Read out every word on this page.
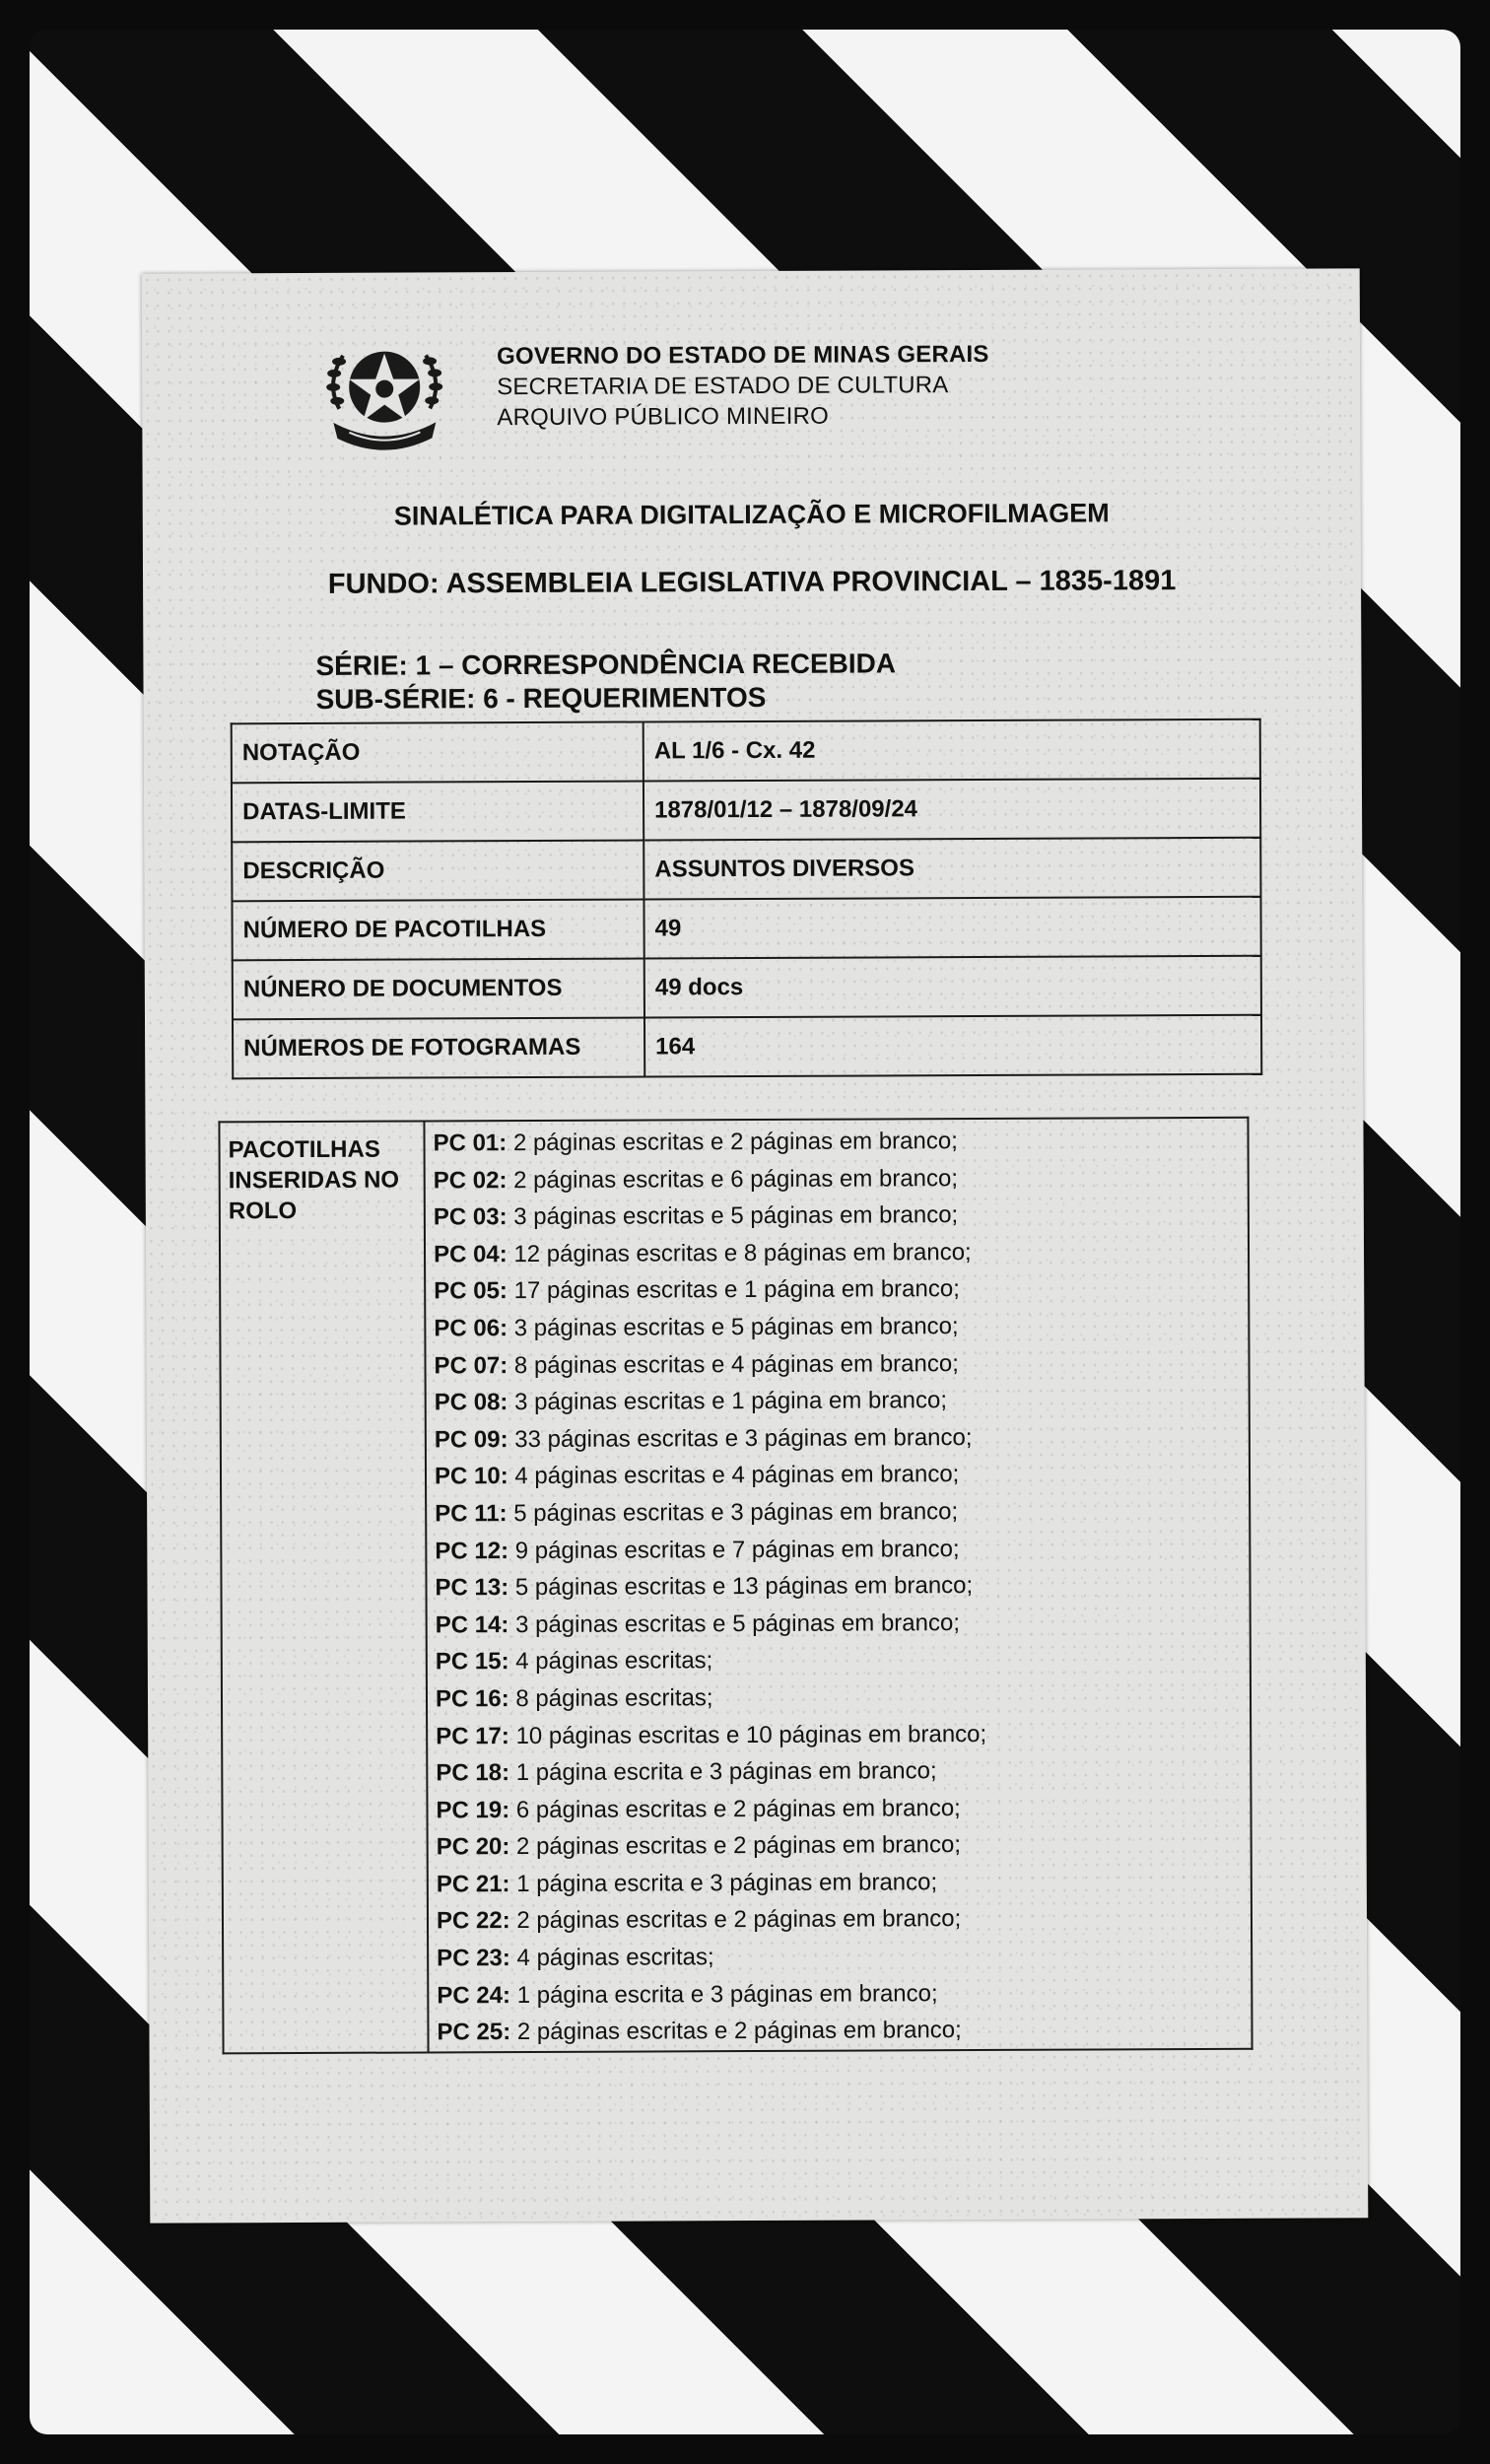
GOVERNO DO ESTADO DE MINAS GERAIS
SECRETARIA DE ESTADO DE CULTURA
ARQUIVO PÚBLICO MINEIRO
SINALÉTICA PARA DIGITALIZAÇÃO E MICROFILMAGEM
FUNDO: ASSEMBLEIA LEGISLATIVA PROVINCIAL – 1835-1891
SÉRIE: 1 – CORRESPONDÊNCIA RECEBIDA
SUB-SÉRIE: 6 - REQUERIMENTOS
NOTAÇÃO	AL 1/6 - Cx. 42
DATAS-LIMITE	1878/01/12 – 1878/09/24
DESCRIÇÃO	ASSUNTOS DIVERSOS
NÚMERO DE PACOTILHAS	49
NÚNERO DE DOCUMENTOS	49 docs
NÚMEROS DE FOTOGRAMAS	164
PACOTILHAS INSERIDAS NO ROLO	
PC 01: 2 páginas escritas e 2 páginas em branco;
PC 02: 2 páginas escritas e 6 páginas em branco;
PC 03: 3 páginas escritas e 5 páginas em branco;
PC 04: 12 páginas escritas e 8 páginas em branco;
PC 05: 17 páginas escritas e 1 página em branco;
PC 06: 3 páginas escritas e 5 páginas em branco;
PC 07: 8 páginas escritas e 4 páginas em branco;
PC 08: 3 páginas escritas e 1 página em branco;
PC 09: 33 páginas escritas e 3 páginas em branco;
PC 10: 4 páginas escritas e 4 páginas em branco;
PC 11: 5 páginas escritas e 3 páginas em branco;
PC 12: 9 páginas escritas e 7 páginas em branco;
PC 13: 5 páginas escritas e 13 páginas em branco;
PC 14: 3 páginas escritas e 5 páginas em branco;
PC 15: 4 páginas escritas;
PC 16: 8 páginas escritas;
PC 17: 10 páginas escritas e 10 páginas em branco;
PC 18: 1 página escrita e 3 páginas em branco;
PC 19: 6 páginas escritas e 2 páginas em branco;
PC 20: 2 páginas escritas e 2 páginas em branco;
PC 21: 1 página escrita e 3 páginas em branco;
PC 22: 2 páginas escritas e 2 páginas em branco;
PC 23: 4 páginas escritas;
PC 24: 1 página escrita e 3 páginas em branco;
PC 25: 2 páginas escritas e 2 páginas em branco;
